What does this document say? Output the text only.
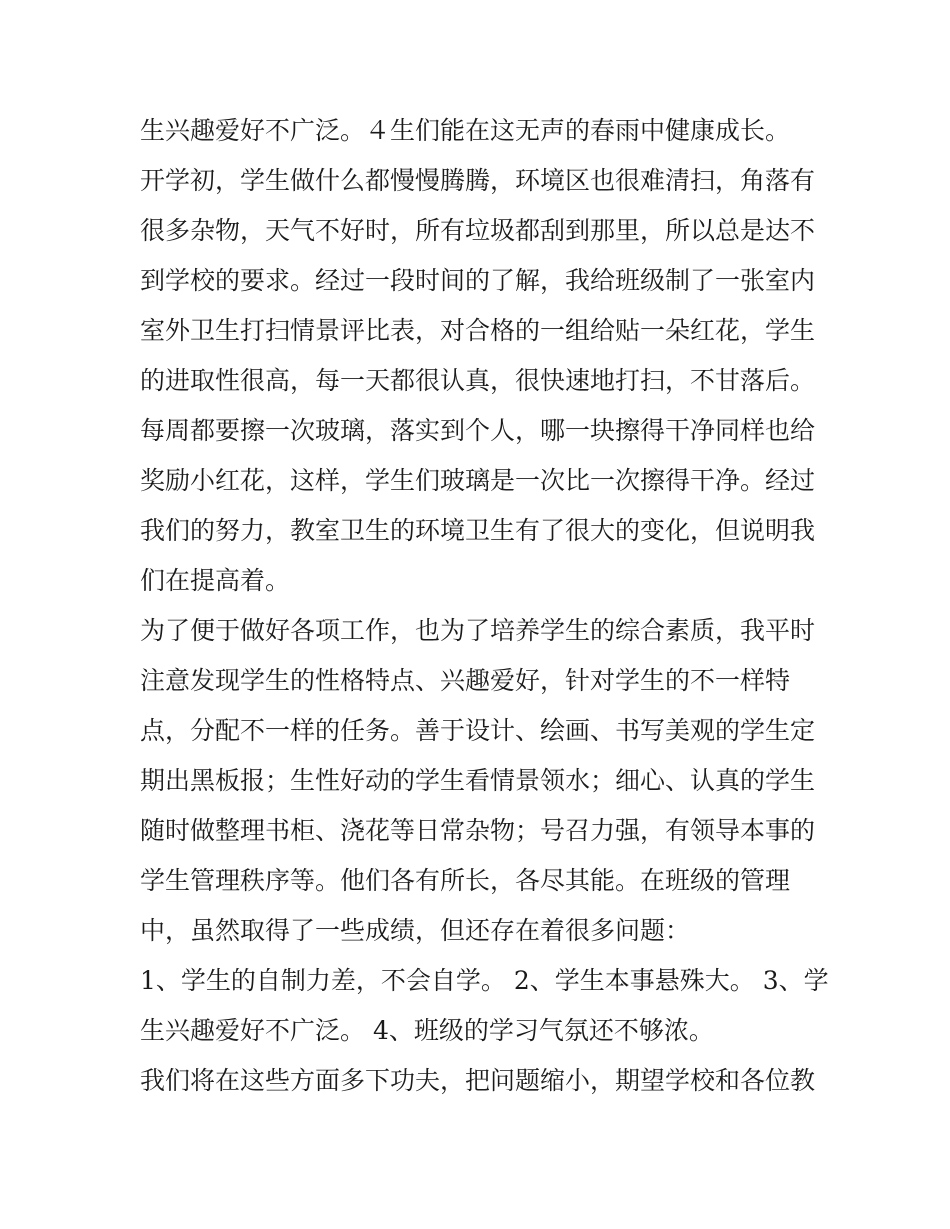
生兴趣爱好不广泛。４生们能在这无声的春雨中健康成长。
开学初，学生做什么都慢慢腾腾，环境区也很难清扫，角落有
很多杂物，天气不好时，所有垃圾都刮到那里，所以总是达不
到学校的要求。经过一段时间的了解，我给班级制了一张室内
室外卫生打扫情景评比表，对合格的一组给贴一朵红花，学生
的进取性很高，每一天都很认真，很快速地打扫，不甘落后。
每周都要擦一次玻璃，落实到个人，哪一块擦得干净同样也给
奖励小红花，这样，学生们玻璃是一次比一次擦得干净。经过
我们的努力，教室卫生的环境卫生有了很大的变化，但说明我
们在提高着。
为了便于做好各项工作，也为了培养学生的综合素质，我平时
注意发现学生的性格特点、兴趣爱好，针对学生的不一样特
点，分配不一样的任务。善于设计、绘画、书写美观的学生定
期出黑板报；生性好动的学生看情景领水；细心、认真的学生
随时做整理书柜、浇花等日常杂物；号召力强，有领导本事的
学生管理秩序等。他们各有所长，各尽其能。在班级的管理
中，虽然取得了一些成绩，但还存在着很多问题：
1、学生的自制力差，不会自学。 2、学生本事悬殊大。 3、学
生兴趣爱好不广泛。 4、班级的学习气氛还不够浓。
我们将在这些方面多下功夫，把问题缩小，期望学校和各位教
